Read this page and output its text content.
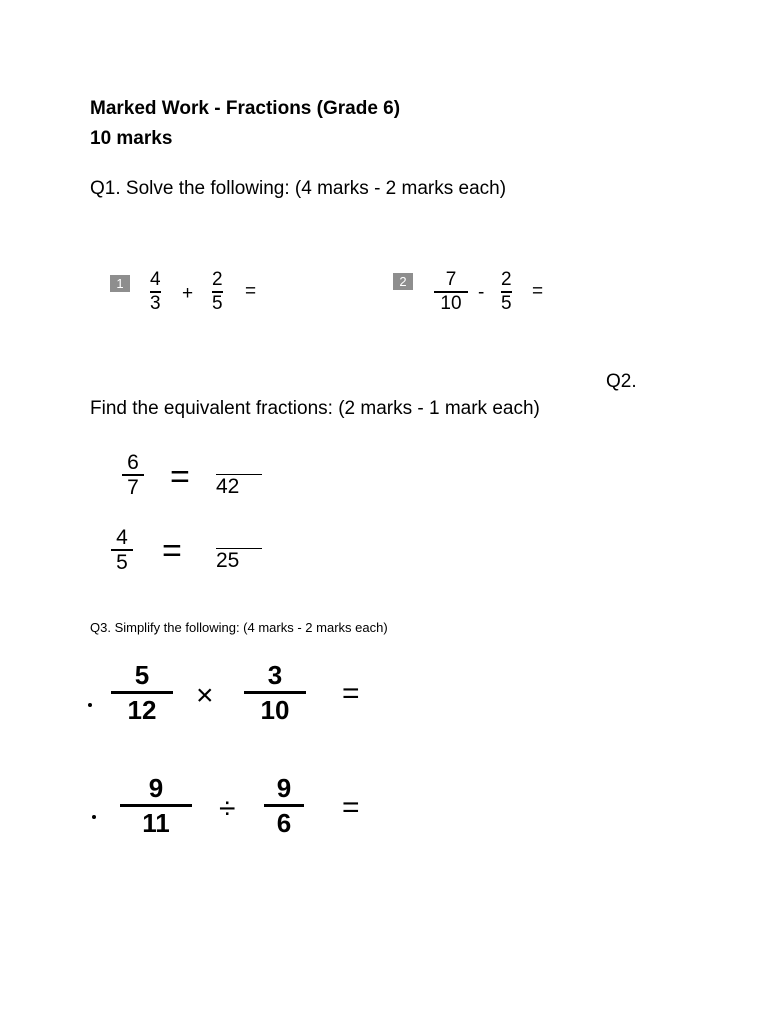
Marked Work - Fractions (Grade 6)
10 marks
Q1. Solve the following: (4 marks - 2 marks each)
1	4
3 +
2
5
=	2	7
10 -
2
5
=
Q2.
Find the equivalent fractions: (2 marks - 1 mark each)
6
7 = 42
4
5 = 25
Q3. Simplify the following: (4 marks - 2 marks each)
5
12 ×
3
10 =
9
11 ÷
9
6 =
